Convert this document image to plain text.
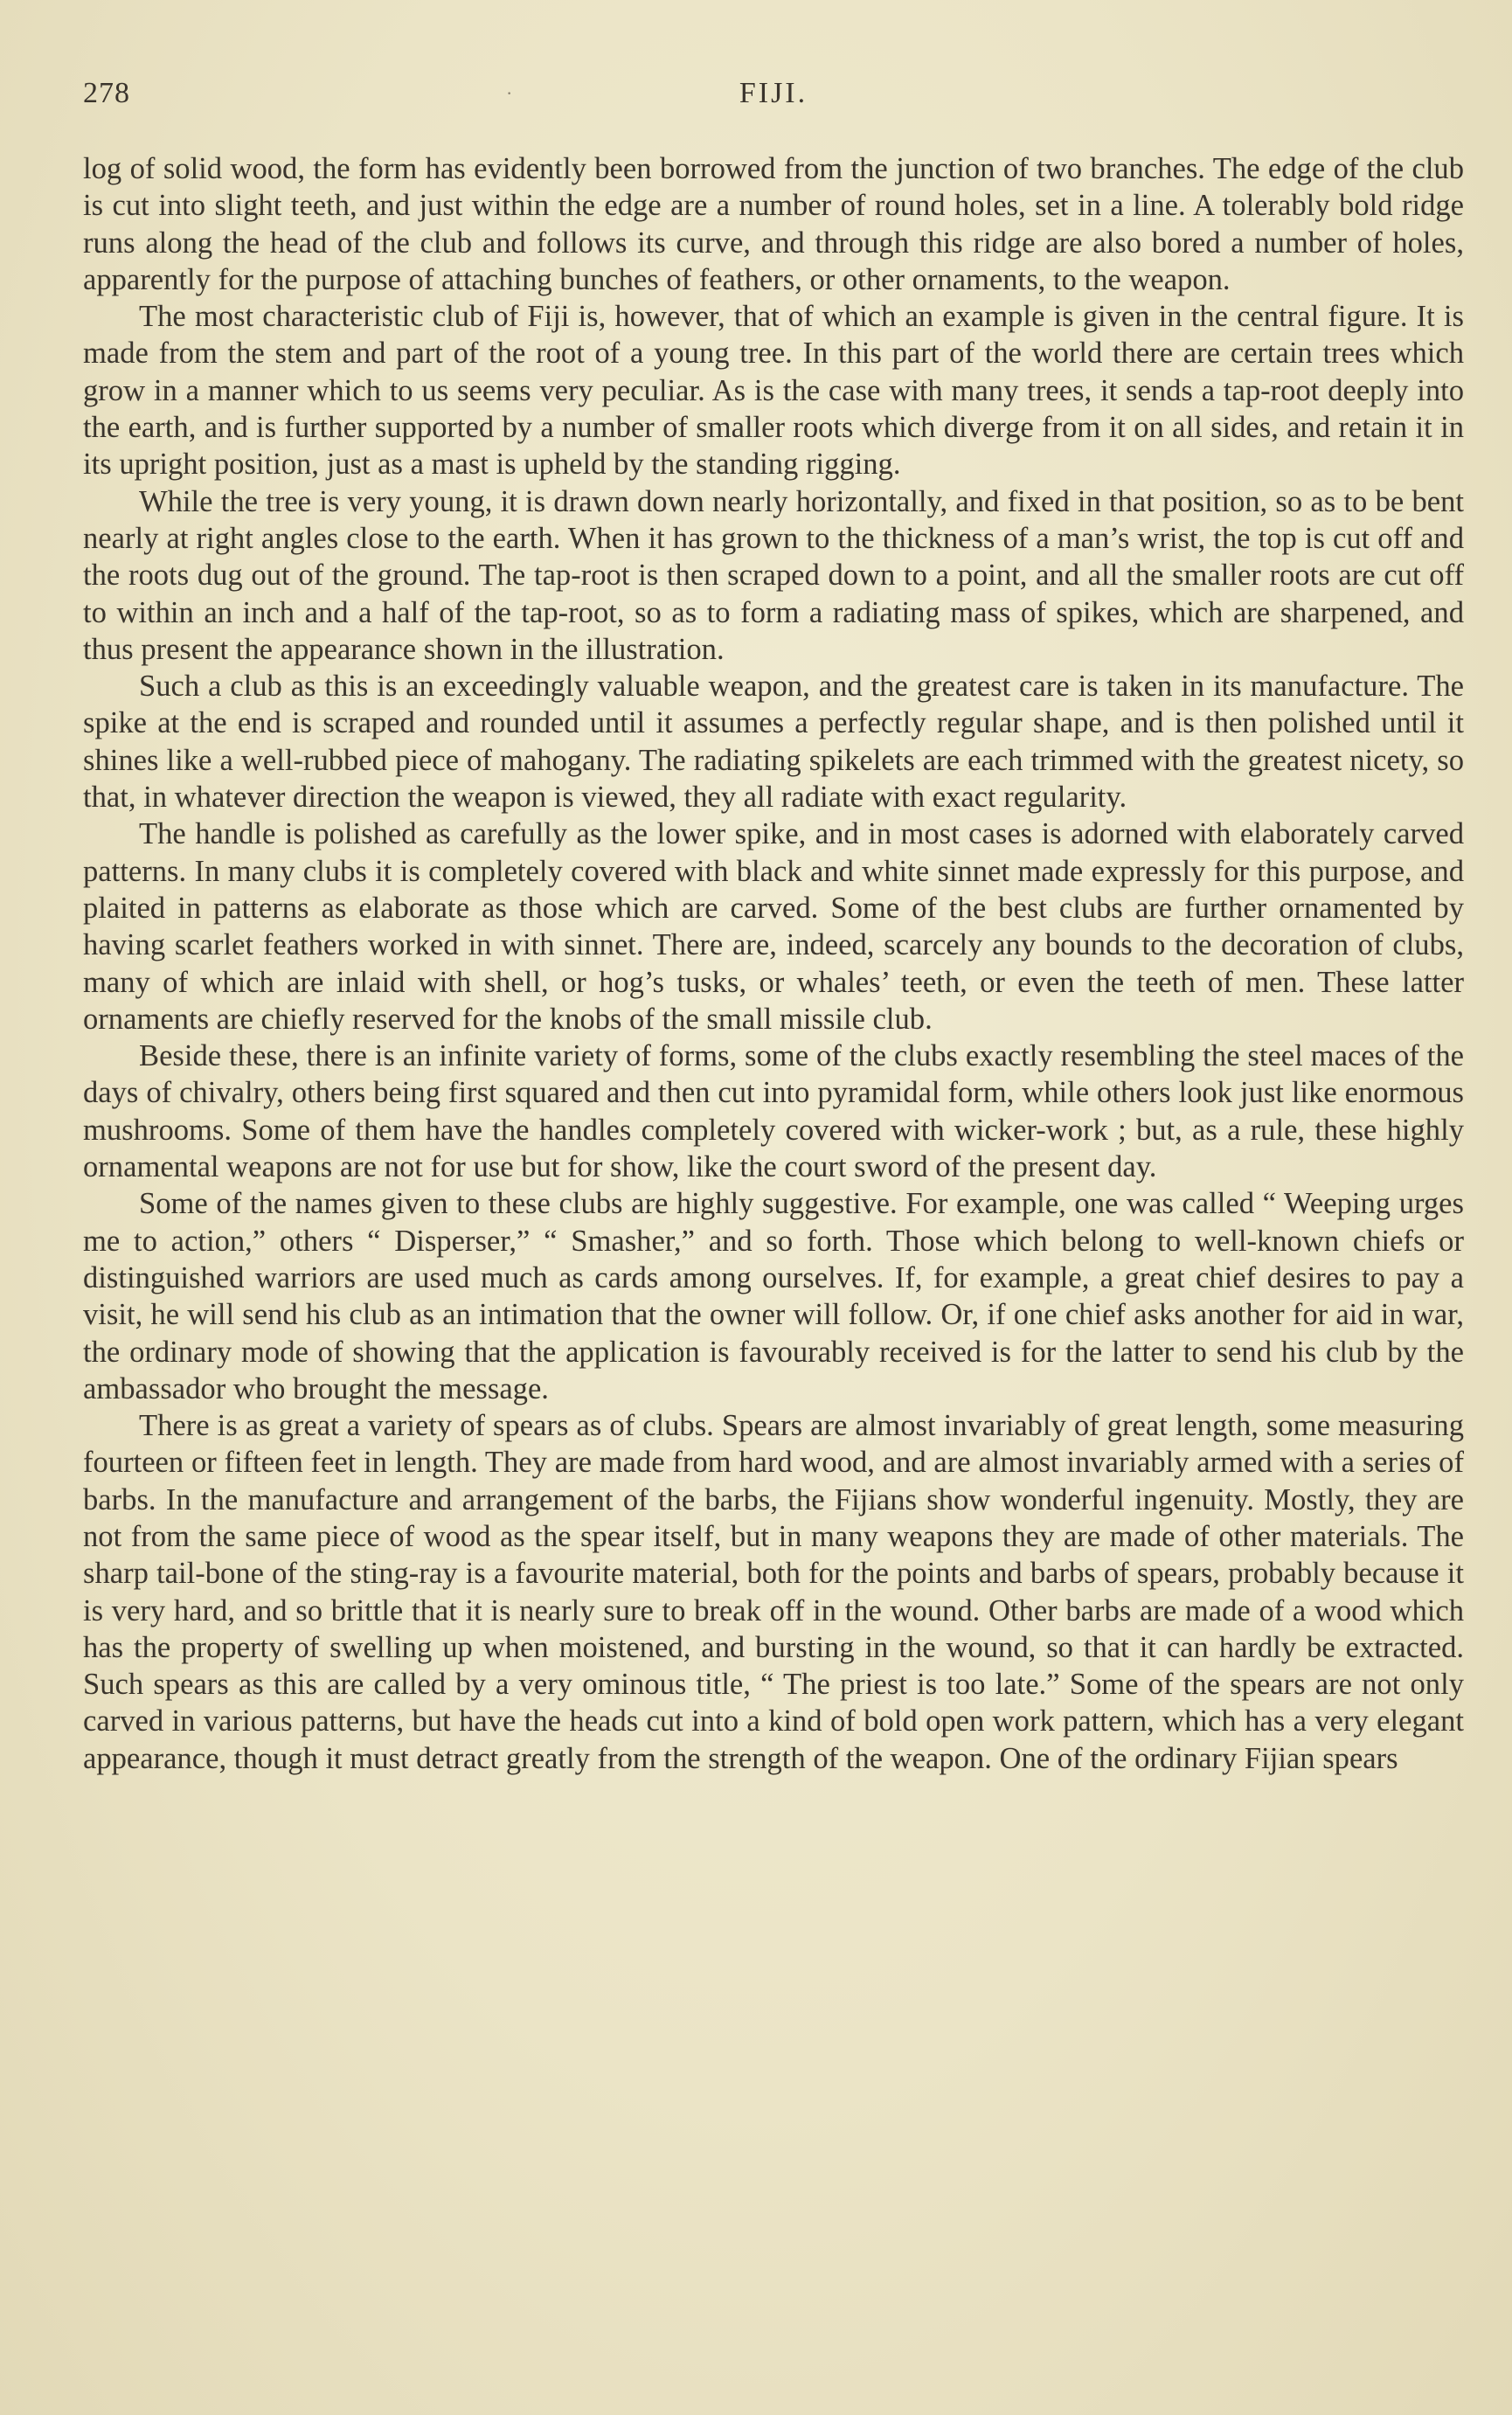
278	·	FIJI.

log of solid wood, the form has evidently been borrowed from the junction of two branches. The edge of the club is cut into slight teeth, and just within the edge are a number of round holes, set in a line. A tolerably bold ridge runs along the head of the club and follows its curve, and through this ridge are also bored a number of holes, apparently for the purpose of attaching bunches of feathers, or other ornaments, to the weapon.

The most characteristic club of Fiji is, however, that of which an example is given in the central figure. It is made from the stem and part of the root of a young tree. In this part of the world there are certain trees which grow in a manner which to us seems very peculiar. As is the case with many trees, it sends a tap-root deeply into the earth, and is further supported by a number of smaller roots which diverge from it on all sides, and retain it in its upright position, just as a mast is upheld by the standing rigging.

While the tree is very young, it is drawn down nearly horizontally, and fixed in that position, so as to be bent nearly at right angles close to the earth. When it has grown to the thickness of a man’s wrist, the top is cut off and the roots dug out of the ground. The tap-root is then scraped down to a point, and all the smaller roots are cut off to within an inch and a half of the tap-root, so as to form a radiating mass of spikes, which are sharpened, and thus present the appearance shown in the illustration.

Such a club as this is an exceedingly valuable weapon, and the greatest care is taken in its manufacture. The spike at the end is scraped and rounded until it assumes a perfectly regular shape, and is then polished until it shines like a well-rubbed piece of mahogany. The radiating spikelets are each trimmed with the greatest nicety, so that, in whatever direction the weapon is viewed, they all radiate with exact regularity.

The handle is polished as carefully as the lower spike, and in most cases is adorned with elaborately carved patterns. In many clubs it is completely covered with black and white sinnet made expressly for this purpose, and plaited in patterns as elaborate as those which are carved. Some of the best clubs are further ornamented by having scarlet feathers worked in with sinnet. There are, indeed, scarcely any bounds to the decoration of clubs, many of which are inlaid with shell, or hog’s tusks, or whales’ teeth, or even the teeth of men. These latter ornaments are chiefly reserved for the knobs of the small missile club.

Beside these, there is an infinite variety of forms, some of the clubs exactly resembling the steel maces of the days of chivalry, others being first squared and then cut into pyramidal form, while others look just like enormous mushrooms. Some of them have the handles completely covered with wicker-work ; but, as a rule, these highly ornamental weapons are not for use but for show, like the court sword of the present day.

Some of the names given to these clubs are highly suggestive. For example, one was called “ Weeping urges me to action,” others “ Disperser,” “ Smasher,” and so forth. Those which belong to well-known chiefs or distinguished warriors are used much as cards among ourselves. If, for example, a great chief desires to pay a visit, he will send his club as an intimation that the owner will follow. Or, if one chief asks another for aid in war, the ordinary mode of showing that the application is favourably received is for the latter to send his club by the ambassador who brought the message.

There is as great a variety of spears as of clubs. Spears are almost invariably of great length, some measuring fourteen or fifteen feet in length. They are made from hard wood, and are almost invariably armed with a series of barbs. In the manufacture and arrangement of the barbs, the Fijians show wonderful ingenuity. Mostly, they are not from the same piece of wood as the spear itself, but in many weapons they are made of other materials. The sharp tail-bone of the sting-ray is a favourite material, both for the points and barbs of spears, probably because it is very hard, and so brittle that it is nearly sure to break off in the wound. Other barbs are made of a wood which has the property of swelling up when moistened, and bursting in the wound, so that it can hardly be extracted. Such spears as this are called by a very ominous title, “ The priest is too late.” Some of the spears are not only carved in various patterns, but have the heads cut into a kind of bold open work pattern, which has a very elegant appearance, though it must detract greatly from the strength of the weapon. One of the ordinary Fijian spears
